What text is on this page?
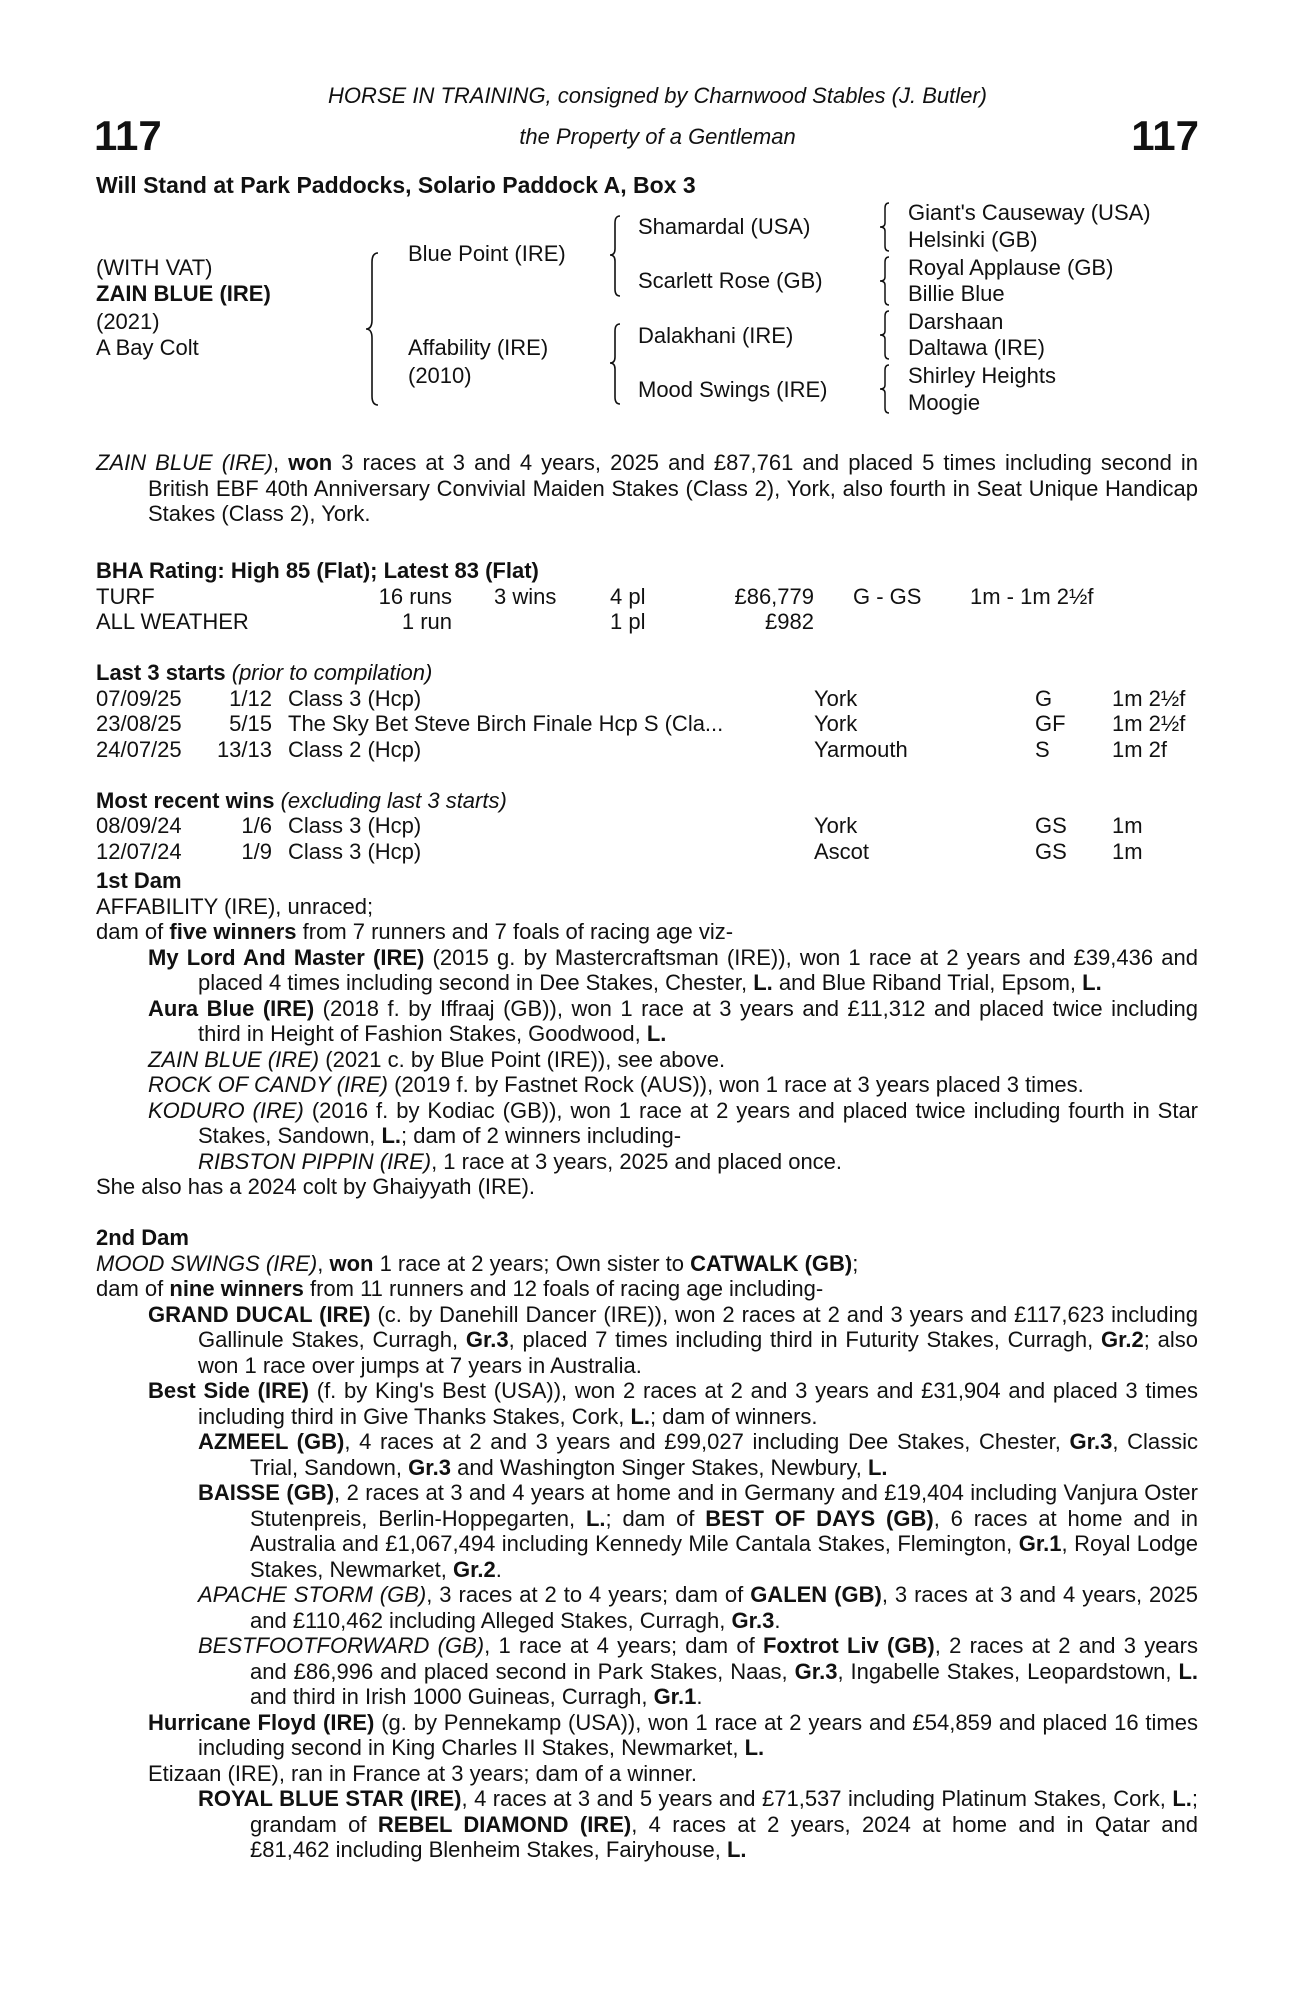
HORSE IN TRAINING, consigned by Charnwood Stables (J. Butler)
117	117
the Property of a Gentleman
Will Stand at Park Paddocks, Solario Paddock A, Box 3
(WITH VAT)
ZAIN BLUE (IRE)
(2021)
A Bay Colt
Blue Point (IRE)
Affability (IRE)
(2010)
Shamardal (USA)
Scarlett Rose (GB)
Dalakhani (IRE)
Mood Swings (IRE)
Giant's Causeway (USA)
Helsinki (GB)
Royal Applause (GB)
Billie Blue
Darshaan
Daltawa (IRE)
Shirley Heights
Moogie
ZAIN BLUE (IRE), won 3 races at 3 and 4 years, 2025 and £87,761 and placed 5 times including second in British EBF 40th Anniversary Convivial Maiden Stakes (Class 2), York, also fourth in Seat Unique Handicap Stakes (Class 2), York.
BHA Rating: High 85 (Flat); Latest 83 (Flat)
TURF	16 runs 3 wins 4 pl	£86,779 G - GS 1m - 1m 2½f
ALL WEATHER	1 run	1 pl	£982
Last 3 starts (prior to compilation)
07/09/25 1/12 Class 3 (Hcp)	York	G	1m 2½f
23/08/25 5/15 The Sky Bet Steve Birch Finale Hcp S (Cla...	York	GF 1m 2½f
24/07/25 13/13 Class 2 (Hcp)	Yarmouth	S	1m 2f
Most recent wins (excluding last 3 starts)
08/09/24	1/6 Class 3 (Hcp)	York	GS 1m
12/07/24	1/9 Class 3 (Hcp)	Ascot	GS 1m
1st Dam
AFFABILITY (IRE), unraced;
dam of five winners from 7 runners and 7 foals of racing age viz-
My Lord And Master (IRE) (2015 g. by Mastercraftsman (IRE)), won 1 race at 2 years and £39,436 and placed 4 times including second in Dee Stakes, Chester, L. and Blue Riband Trial, Epsom, L.
Aura Blue (IRE) (2018 f. by Iffraaj (GB)), won 1 race at 3 years and £11,312 and placed twice including third in Height of Fashion Stakes, Goodwood, L.
ZAIN BLUE (IRE) (2021 c. by Blue Point (IRE)), see above.
ROCK OF CANDY (IRE) (2019 f. by Fastnet Rock (AUS)), won 1 race at 3 years placed 3 times.
KODURO (IRE) (2016 f. by Kodiac (GB)), won 1 race at 2 years and placed twice including fourth in Star Stakes, Sandown, L.; dam of 2 winners including-
RIBSTON PIPPIN (IRE), 1 race at 3 years, 2025 and placed once.
She also has a 2024 colt by Ghaiyyath (IRE).
2nd Dam
MOOD SWINGS (IRE), won 1 race at 2 years; Own sister to CATWALK (GB);
dam of nine winners from 11 runners and 12 foals of racing age including-
GRAND DUCAL (IRE) (c. by Danehill Dancer (IRE)), won 2 races at 2 and 3 years and £117,623 including Gallinule Stakes, Curragh, Gr.3, placed 7 times including third in Futurity Stakes, Curragh, Gr.2; also won 1 race over jumps at 7 years in Australia.
Best Side (IRE) (f. by King's Best (USA)), won 2 races at 2 and 3 years and £31,904 and placed 3 times including third in Give Thanks Stakes, Cork, L.; dam of winners.
AZMEEL (GB), 4 races at 2 and 3 years and £99,027 including Dee Stakes, Chester, Gr.3, Classic Trial, Sandown, Gr.3 and Washington Singer Stakes, Newbury, L.
BAISSE (GB), 2 races at 3 and 4 years at home and in Germany and £19,404 including Vanjura Oster Stutenpreis, Berlin-Hoppegarten, L.; dam of BEST OF DAYS (GB), 6 races at home and in Australia and £1,067,494 including Kennedy Mile Cantala Stakes, Flemington, Gr.1, Royal Lodge Stakes, Newmarket, Gr.2.
APACHE STORM (GB), 3 races at 2 to 4 years; dam of GALEN (GB), 3 races at 3 and 4 years, 2025 and £110,462 including Alleged Stakes, Curragh, Gr.3.
BESTFOOTFORWARD (GB), 1 race at 4 years; dam of Foxtrot Liv (GB), 2 races at 2 and 3 years and £86,996 and placed second in Park Stakes, Naas, Gr.3, Ingabelle Stakes, Leopardstown, L. and third in Irish 1000 Guineas, Curragh, Gr.1.
Hurricane Floyd (IRE) (g. by Pennekamp (USA)), won 1 race at 2 years and £54,859 and placed 16 times including second in King Charles II Stakes, Newmarket, L.
Etizaan (IRE), ran in France at 3 years; dam of a winner.
ROYAL BLUE STAR (IRE), 4 races at 3 and 5 years and £71,537 including Platinum Stakes, Cork, L.; grandam of REBEL DIAMOND (IRE), 4 races at 2 years, 2024 at home and in Qatar and £81,462 including Blenheim Stakes, Fairyhouse, L.
